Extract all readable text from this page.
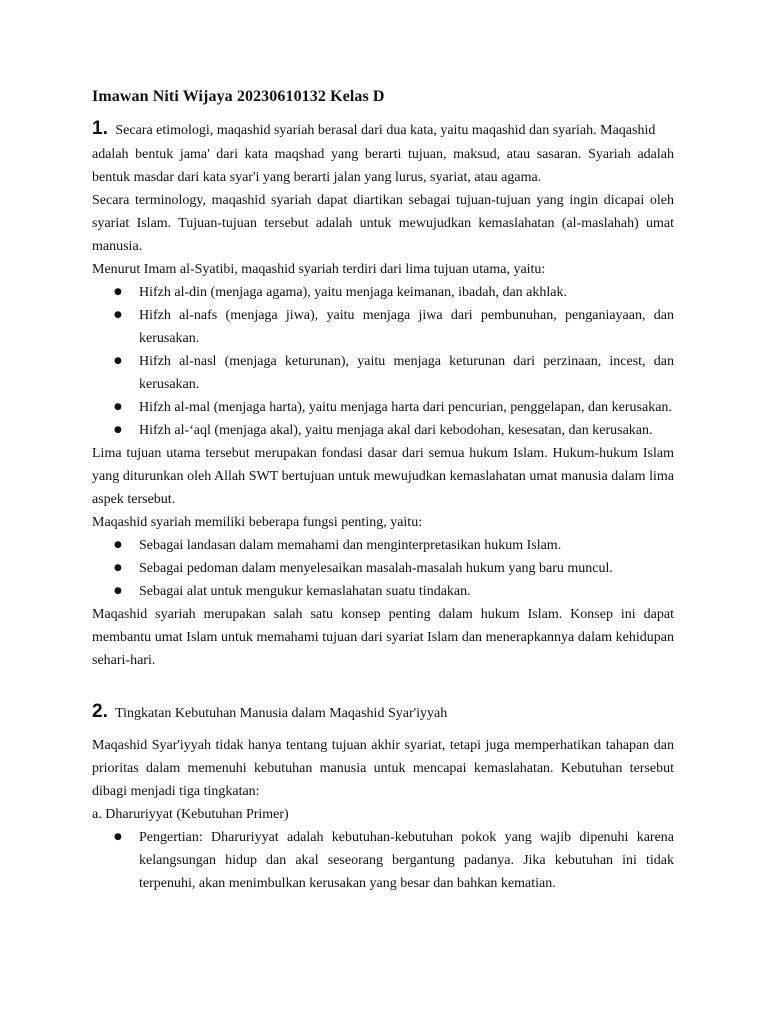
Imawan Niti Wijaya 20230610132 Kelas D

1. Secara etimologi, maqashid syariah berasal dari dua kata, yaitu maqashid dan syariah. Maqashid

adalah bentuk jama' dari kata maqshad yang berarti tujuan, maksud, atau sasaran. Syariah adalah bentuk masdar dari kata syar'i yang berarti jalan yang lurus, syariat, atau agama.

Secara terminology, maqashid syariah dapat diartikan sebagai tujuan-tujuan yang ingin dicapai oleh syariat Islam. Tujuan-tujuan tersebut adalah untuk mewujudkan kemaslahatan (al-maslahah) umat manusia.

Menurut Imam al-Syatibi, maqashid syariah terdiri dari lima tujuan utama, yaitu:

● Hifzh al-din (menjaga agama), yaitu menjaga keimanan, ibadah, dan akhlak.
● Hifzh al-nafs (menjaga jiwa), yaitu menjaga jiwa dari pembunuhan, penganiayaan, dan kerusakan.
● Hifzh al-nasl (menjaga keturunan), yaitu menjaga keturunan dari perzinaan, incest, dan kerusakan.
● Hifzh al-mal (menjaga harta), yaitu menjaga harta dari pencurian, penggelapan, dan kerusakan.
● Hifzh al-‘aql (menjaga akal), yaitu menjaga akal dari kebodohan, kesesatan, dan kerusakan.

Lima tujuan utama tersebut merupakan fondasi dasar dari semua hukum Islam. Hukum-hukum Islam yang diturunkan oleh Allah SWT bertujuan untuk mewujudkan kemaslahatan umat manusia dalam lima aspek tersebut.

Maqashid syariah memiliki beberapa fungsi penting, yaitu:

● Sebagai landasan dalam memahami dan menginterpretasikan hukum Islam.
● Sebagai pedoman dalam menyelesaikan masalah-masalah hukum yang baru muncul.
● Sebagai alat untuk mengukur kemaslahatan suatu tindakan.

Maqashid syariah merupakan salah satu konsep penting dalam hukum Islam. Konsep ini dapat membantu umat Islam untuk memahami tujuan dari syariat Islam dan menerapkannya dalam kehidupan sehari-hari.

2. Tingkatan Kebutuhan Manusia dalam Maqashid Syar'iyyah

Maqashid Syar'iyyah tidak hanya tentang tujuan akhir syariat, tetapi juga memperhatikan tahapan dan prioritas dalam memenuhi kebutuhan manusia untuk mencapai kemaslahatan. Kebutuhan tersebut dibagi menjadi tiga tingkatan:

a. Dharuriyyat (Kebutuhan Primer)

● Pengertian: Dharuriyyat adalah kebutuhan-kebutuhan pokok yang wajib dipenuhi karena kelangsungan hidup dan akal seseorang bergantung padanya. Jika kebutuhan ini tidak terpenuhi, akan menimbulkan kerusakan yang besar dan bahkan kematian.
